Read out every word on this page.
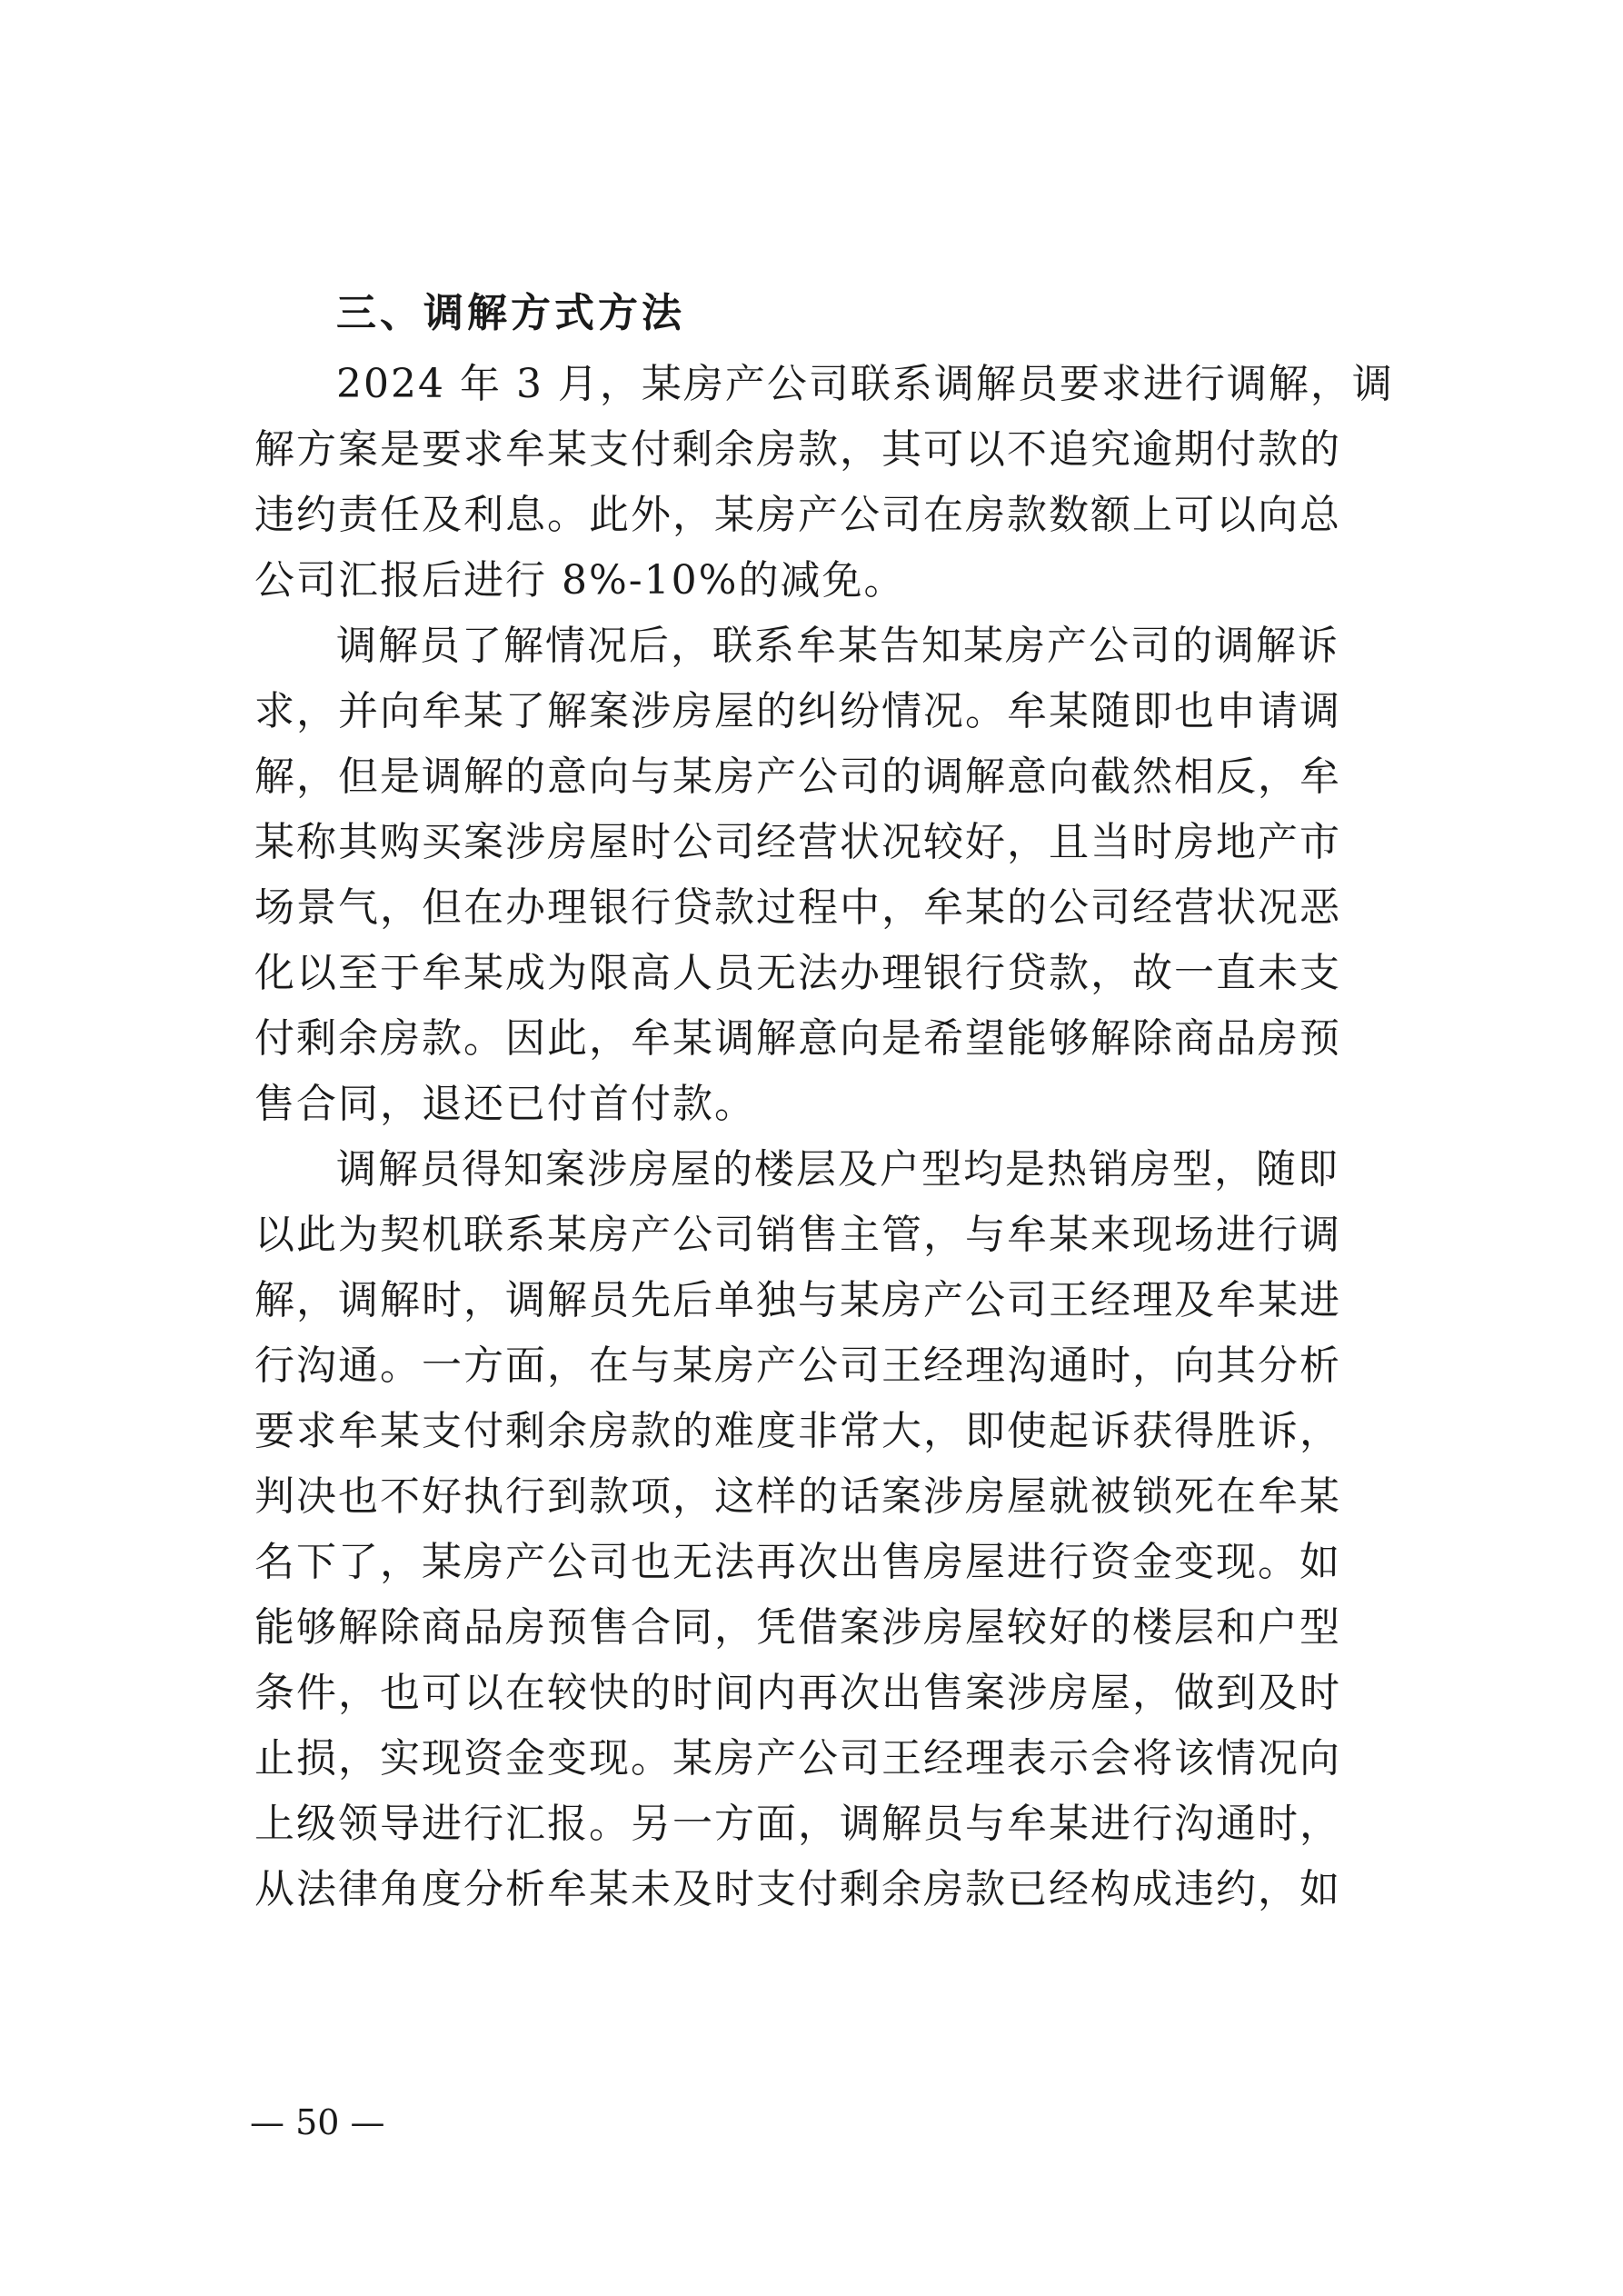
三、调解方式方法
2024 年 3 月，某房产公司联系调解员要求进行调解，调
解方案是要求牟某支付剩余房款，其可以不追究逾期付款的
违约责任及利息。此外，某房产公司在房款数额上可以向总
公司汇报后进行 8%-10%的减免。
调解员了解情况后，联系牟某告知某房产公司的调解诉
求，并向牟某了解案涉房屋的纠纷情况。牟某随即也申请调
解，但是调解的意向与某房产公司的调解意向截然相反，牟
某称其购买案涉房屋时公司经营状况较好，且当时房地产市
场景气，但在办理银行贷款过程中，牟某的公司经营状况恶
化以至于牟某成为限高人员无法办理银行贷款，故一直未支
付剩余房款。因此，牟某调解意向是希望能够解除商品房预
售合同，退还已付首付款。
调解员得知案涉房屋的楼层及户型均是热销房型，随即
以此为契机联系某房产公司销售主管，与牟某来现场进行调
解，调解时，调解员先后单独与某房产公司王经理及牟某进
行沟通。一方面，在与某房产公司王经理沟通时，向其分析
要求牟某支付剩余房款的难度非常大，即使起诉获得胜诉，
判决也不好执行到款项，这样的话案涉房屋就被锁死在牟某
名下了，某房产公司也无法再次出售房屋进行资金变现。如
能够解除商品房预售合同，凭借案涉房屋较好的楼层和户型
条件，也可以在较快的时间内再次出售案涉房屋，做到及时
止损，实现资金变现。某房产公司王经理表示会将该情况向
上级领导进行汇报。另一方面，调解员与牟某进行沟通时，
从法律角度分析牟某未及时支付剩余房款已经构成违约，如
— 50 —
